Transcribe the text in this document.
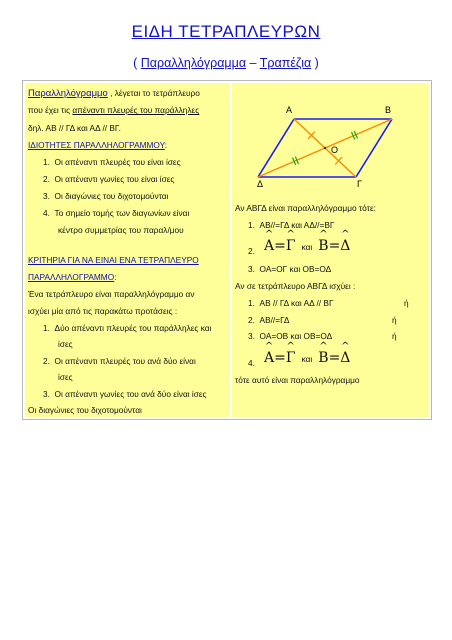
ΕΙΔΗ ΤΕΤΡΑΠΛΕΥΡΩΝ
( Παραλληλόγραμμα – Τραπέζια )
Παραλληλόγραμμο , λέγεται το τετράπλευρο
που έχει τις απέναντι πλευρές του παράλληλες
δηλ. ΑΒ // ΓΔ και ΑΔ // ΒΓ.
ΙΔΙΟΤΗΤΕΣ ΠΑΡΑΛΛΗΛΟΓΡΑΜΜΟΥ:
1. Οι απέναντι πλευρές του είναι ίσες
2. Οι απέναντι γωνίες του είναι ίσες
3. Οι διαγώνιες του διχοτομούνται
4. Το σημείο τομής των διαγωνίων είναι
κέντρο συμμετρίας του παραλ/μου
ΚΡΙΤΗΡΙΑ ΓΙΑ ΝΑ ΕΙΝΑΙ ΕΝΑ ΤΕΤΡΑΠΛΕΥΡΟ
ΠΑΡΑΛΛΗΛΟΓΡΑΜΜΟ:
Ένα τετράπλευρο είναι παραλληλόγραμμο αν
ισχύει μία από τις παρακάτω προτάσεις :
1. Δύο απέναντι πλευρές του παράλληλες και
ίσες
2. Οι απέναντι πλευρές του ανά δύο είναι
ίσες
3. Οι απέναντι γωνίες του ανά δύο είναι ίσες
Οι διαγώνιες του διχοτομούνται
Α	Β
Γ
Δ
Ο
Αν ΑΒΓΔ είναι παραλληλόγραμμο τότε:
1. ΑΒ//=ΓΔ και ΑΔ//=ΒΓ
2. ^ Α=^ Γ και ^ Β=^ Δ
3. ΟΑ=ΟΓ και ΟΒ=ΟΔ
Αν σε τετράπλευρο ΑΒΓΔ ισχύει :
1. ΑΒ // ΓΔ και ΑΔ // ΒΓ	ή
2. ΑΒ//=ΓΔ	ή
3. ΟΑ=ΟΒ και ΟΒ=ΟΔ	ή
4. ^ Α=^ Γ και ^ Β=^ Δ
τότε αυτό είναι παραλληλόγραμμο
